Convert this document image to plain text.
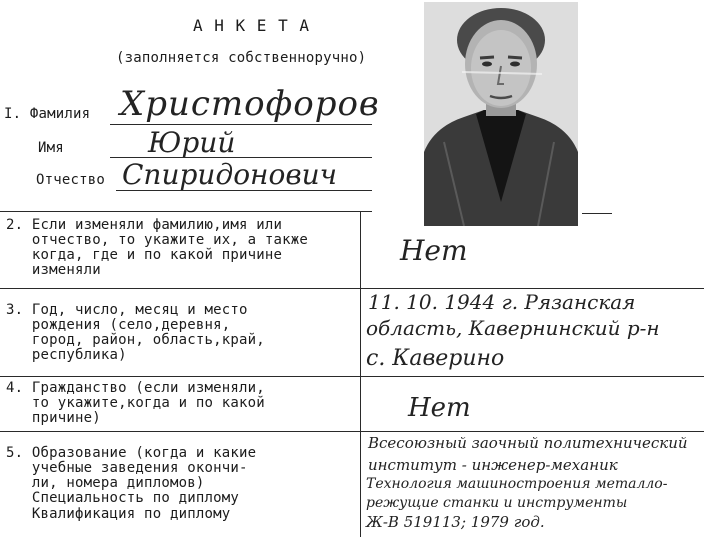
А Н К Е Т А
(заполняется собственноручно)
I. Фамилия Христофоров
Имя	Юрий
Отчество Спиридонович
2. Если изменяли фамилию,имя или
отчество, то укажите их, а также
когда, где и по какой причине
изменяли
Нет
3. Год, число, месяц и место
рождения (село,деревня,
город, район, область,край,
республика)
11. 10. 1944 г. Рязанская
область, Кавернинский р-н
с. Каверино
4. Гражданство (если изменяли,
то укажите,когда и по какой
причине)	Нет
5. Образование (когда и какие
учебные заведения окончи-
ли, номера дипломов)
Специальность по диплому
Квалификация по диплому
Всесоюзный заочный политехнический
институт - инженер-механик
Технология машиностроения металло-
режущие станки и инструменты
Ж-В 519113; 1979 год.
